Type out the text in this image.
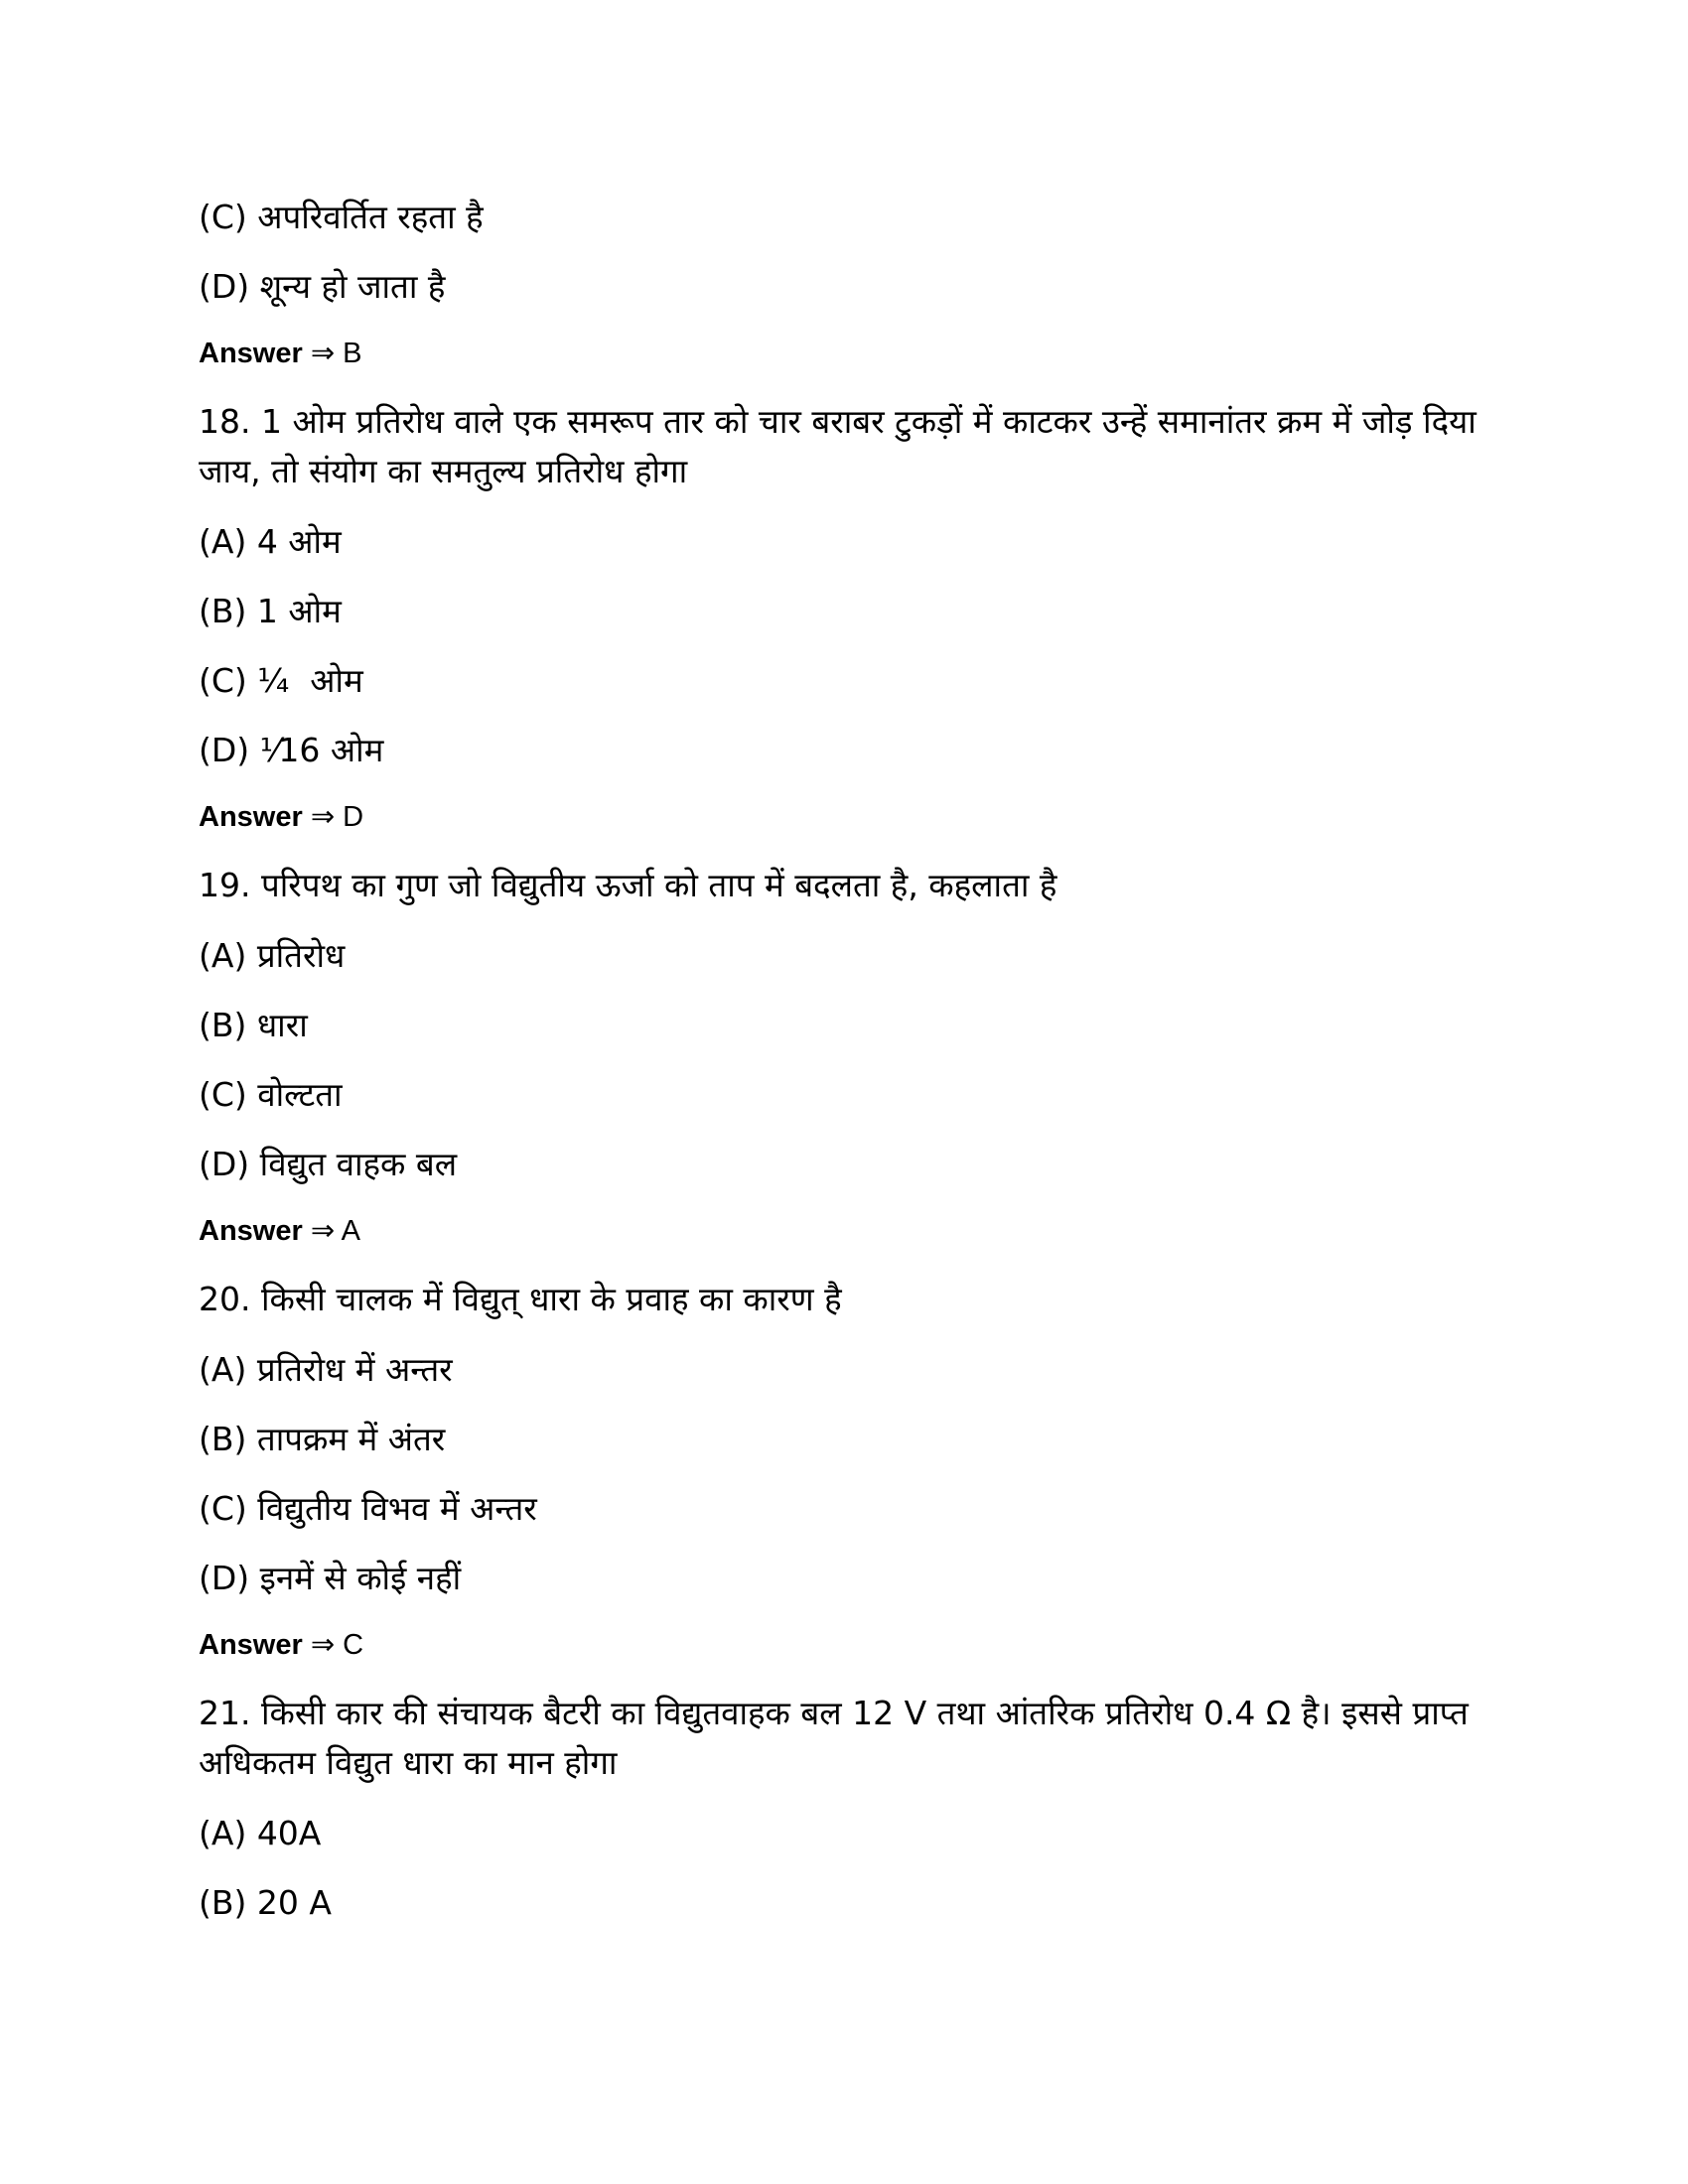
(C) अपरिवर्तित रहता है
(D) शून्य हो जाता है
Answer ⇒ B
18. 1 ओम प्रतिरोध वाले एक समरूप तार को चार बराबर टुकड़ों में काटकर उन्हें समानांतर क्रम में जोड़ दिया जाय, तो संयोग का समतुल्य प्रतिरोध होगा
(A) 4 ओम
(B) 1 ओम
(C) ¼  ओम
(D) ¹⁄16 ओम
Answer ⇒ D
19. परिपथ का गुण जो विद्युतीय ऊर्जा को ताप में बदलता है, कहलाता है
(A) प्रतिरोध
(B) धारा
(C) वोल्टता
(D) विद्युत वाहक बल
Answer ⇒ A
20. किसी चालक में विद्युत् धारा के प्रवाह का कारण है
(A) प्रतिरोध में अन्तर
(B) तापक्रम में अंतर
(C) विद्युतीय विभव में अन्तर
(D) इनमें से कोई नहीं
Answer ⇒ C
21. किसी कार की संचायक बैटरी का विद्युतवाहक बल 12 V तथा आंतरिक प्रतिरोध 0.4 Ω है। इससे प्राप्त अधिकतम विद्युत धारा का मान होगा
(A) 40A
(B) 20 A
